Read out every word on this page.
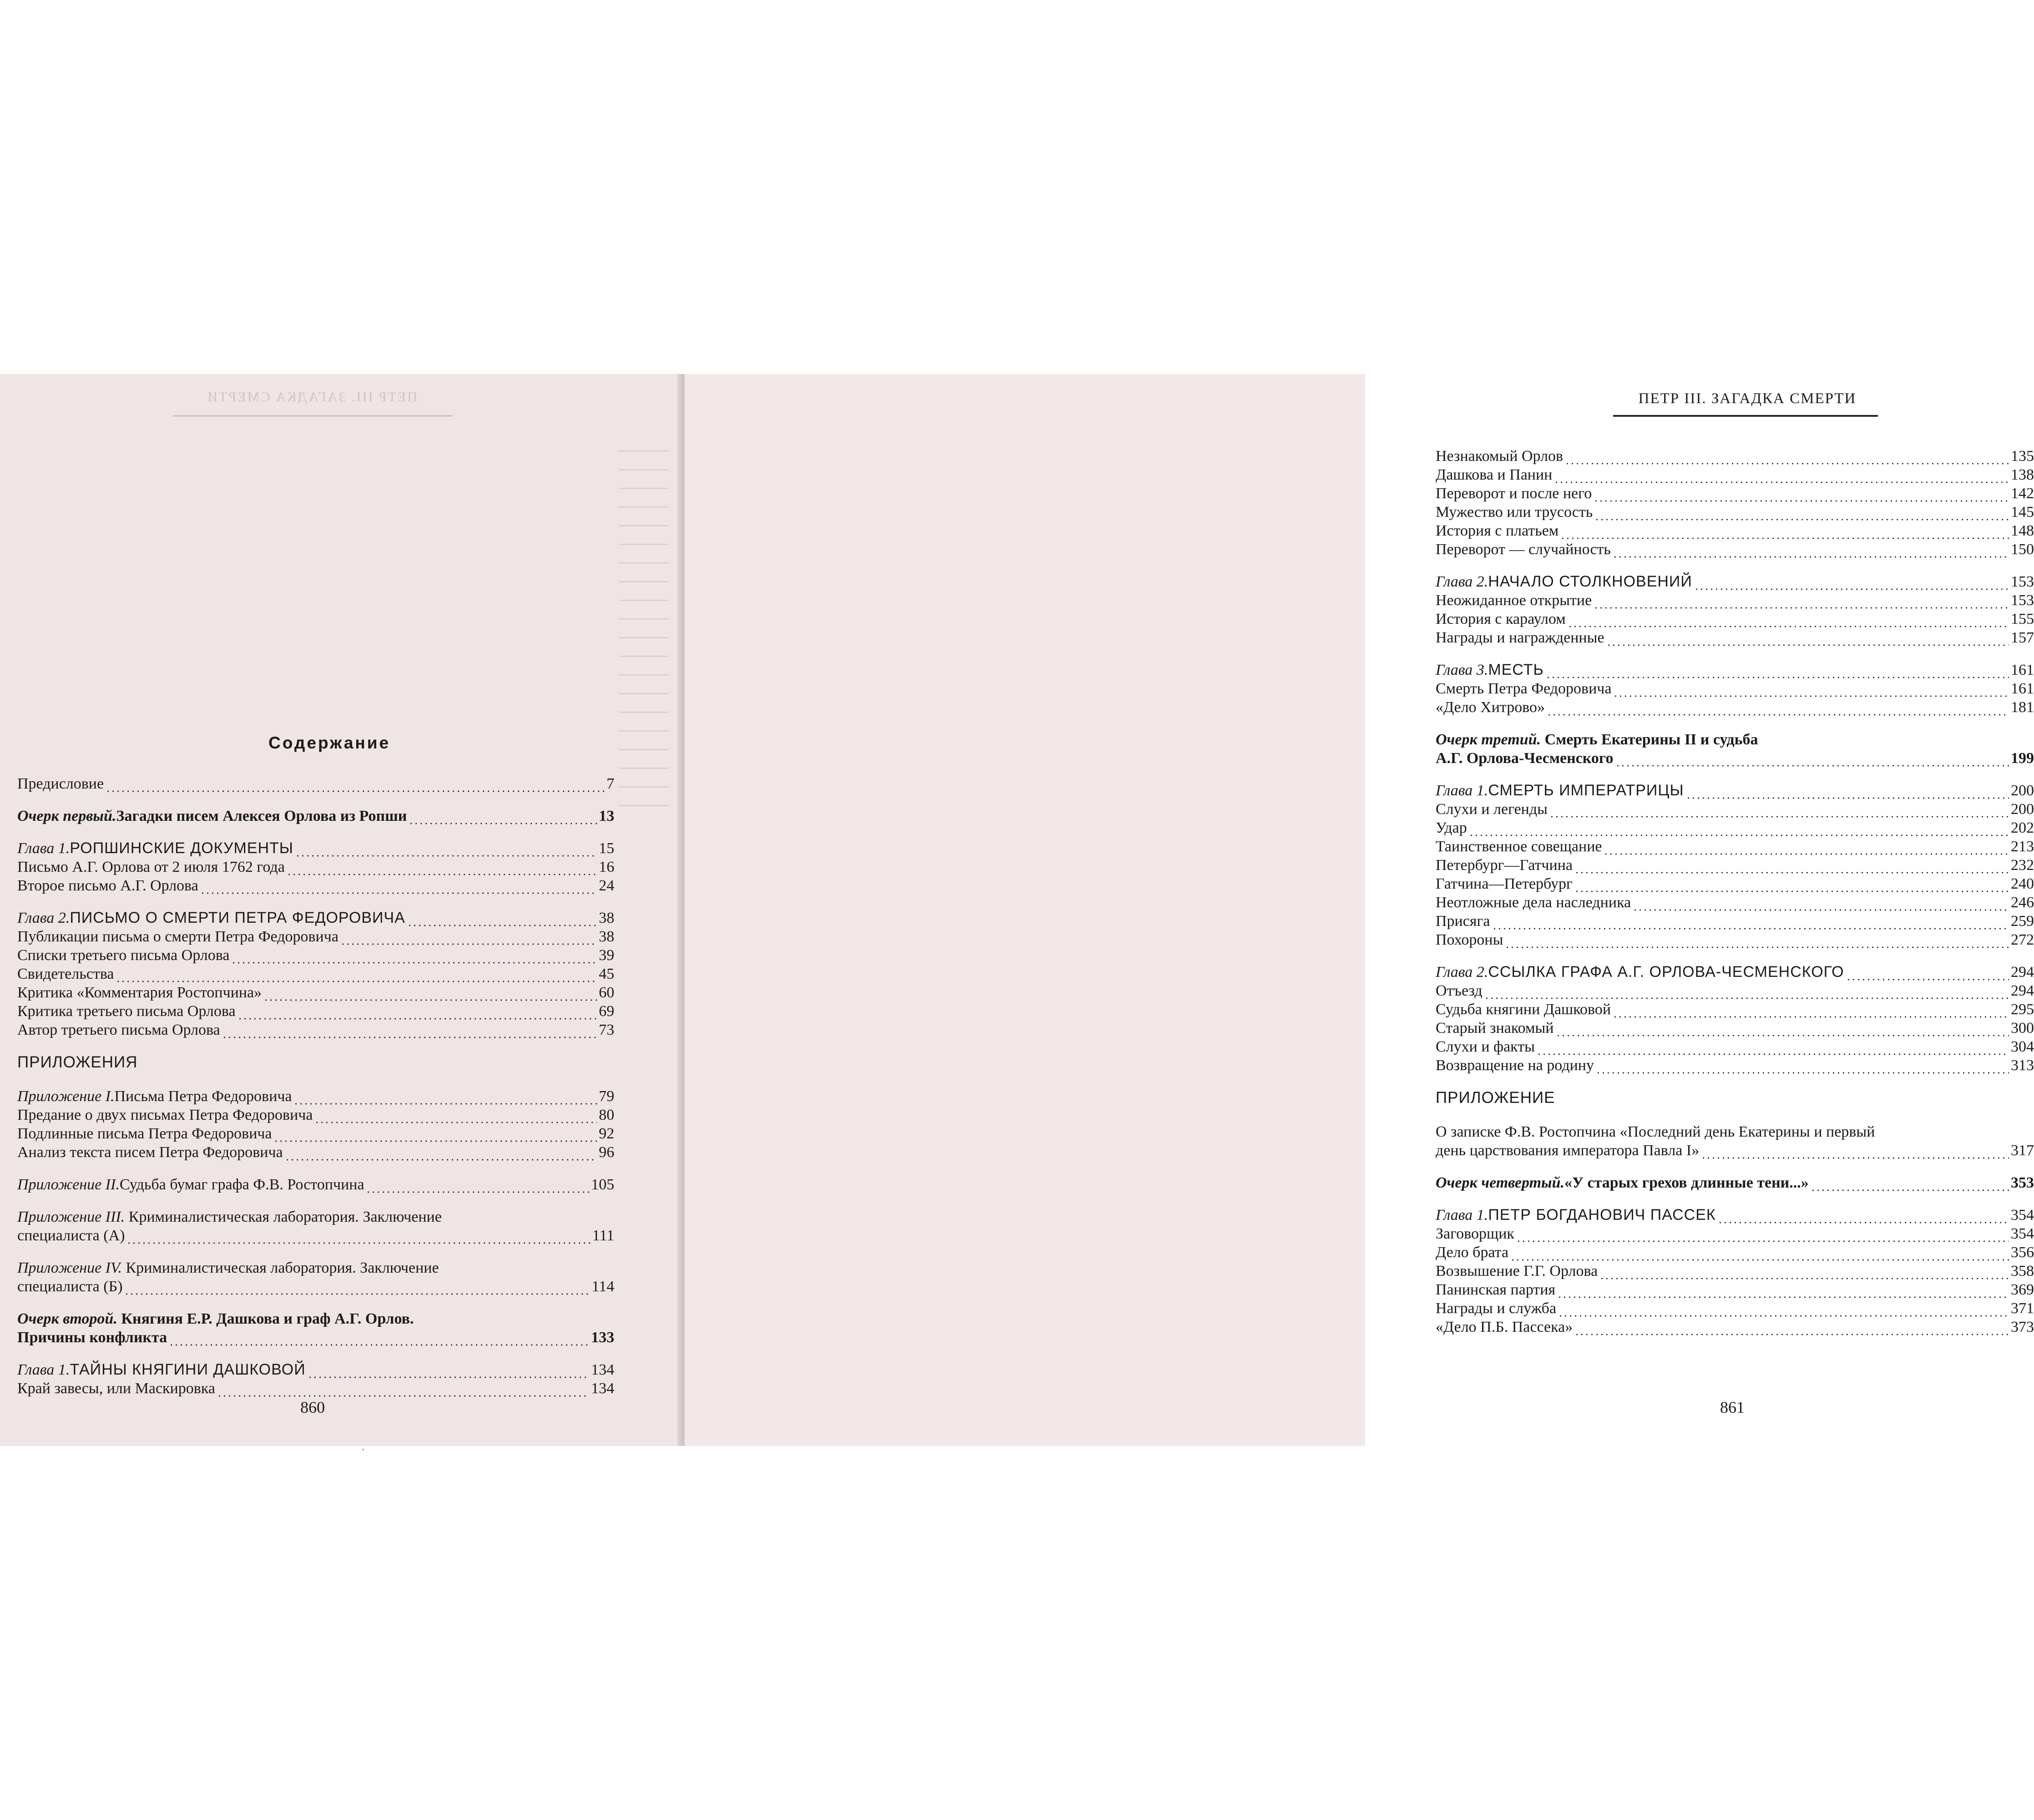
ПЕТР III. ЗАГАДКА СМЕРТИ
Содержание
Предисловие	7
Очерк первый. Загадки писем Алексея Орлова из Ропши	13
Глава 1. РОПШИНСКИЕ ДОКУМЕНТЫ	15
Письмо А.Г. Орлова от 2 июля 1762 года	16
Второе письмо А.Г. Орлова	24
Глава 2. ПИСЬМО О СМЕРТИ ПЕТРА ФЕДОРОВИЧА	38
Публикации письма о смерти Петра Федоровича	38
Списки третьего письма Орлова	39
Свидетельства	45
Критика «Комментария Ростопчина»	60
Критика третьего письма Орлова	69
Автор третьего письма Орлова	73
ПРИЛОЖЕНИЯ
Приложение I. Письма Петра Федоровича	79
Предание о двух письмах Петра Федоровича	80
Подлинные письма Петра Федоровича	92
Анализ текста писем Петра Федоровича	96
Приложение II. Судьба бумаг графа Ф.В. Ростопчина	105
Приложение III. Криминалистическая лаборатория. Заключение
специалиста (А)	111
Приложение IV. Криминалистическая лаборатория. Заключение
специалиста (Б)	114
Очерк второй. Княгиня Е.Р. Дашкова и граф А.Г. Орлов.
Причины конфликта	133
Глава 1. ТАЙНЫ КНЯГИНИ ДАШКОВОЙ	134
Край завесы, или Маскировка	134
860
ПЕТР III. ЗАГАДКА СМЕРТИ
Незнакомый Орлов	135
Дашкова и Панин	138
Переворот и после него	142
Мужество или трусость	145
История с платьем	148
Переворот — случайность	150
Глава 2. НАЧАЛО СТОЛКНОВЕНИЙ	153
Неожиданное открытие	153
История с караулом	155
Награды и награжденные	157
Глава 3. МЕСТЬ	161
Смерть Петра Федоровича	161
«Дело Хитрово»	181
Очерк третий. Смерть Екатерины II и судьба
А.Г. Орлова-Чесменского	199
Глава 1. СМЕРТЬ ИМПЕРАТРИЦЫ	200
Слухи и легенды	200
Удар	202
Таинственное совещание	213
Петербург—Гатчина	232
Гатчина—Петербург	240
Неотложные дела наследника	246
Присяга	259
Похороны	272
Глава 2. ССЫЛКА ГРАФА А.Г. ОРЛОВА-ЧЕСМЕНСКОГО	294
Отъезд	294
Судьба княгини Дашковой	295
Старый знакомый	300
Слухи и факты	304
Возвращение на родину	313
ПРИЛОЖЕНИЕ
О записке Ф.В. Ростопчина «Последний день Екатерины и первый
день царствования императора Павла I»	317
Очерк четвертый. «У старых грехов длинные тени...»	353
Глава 1. ПЕТР БОГДАНОВИЧ ПАССЕК	354
Заговорщик	354
Дело брата	356
Возвышение Г.Г. Орлова	358
Панинская партия	369
Награды и служба	371
«Дело П.Б. Пассека»	373
861
